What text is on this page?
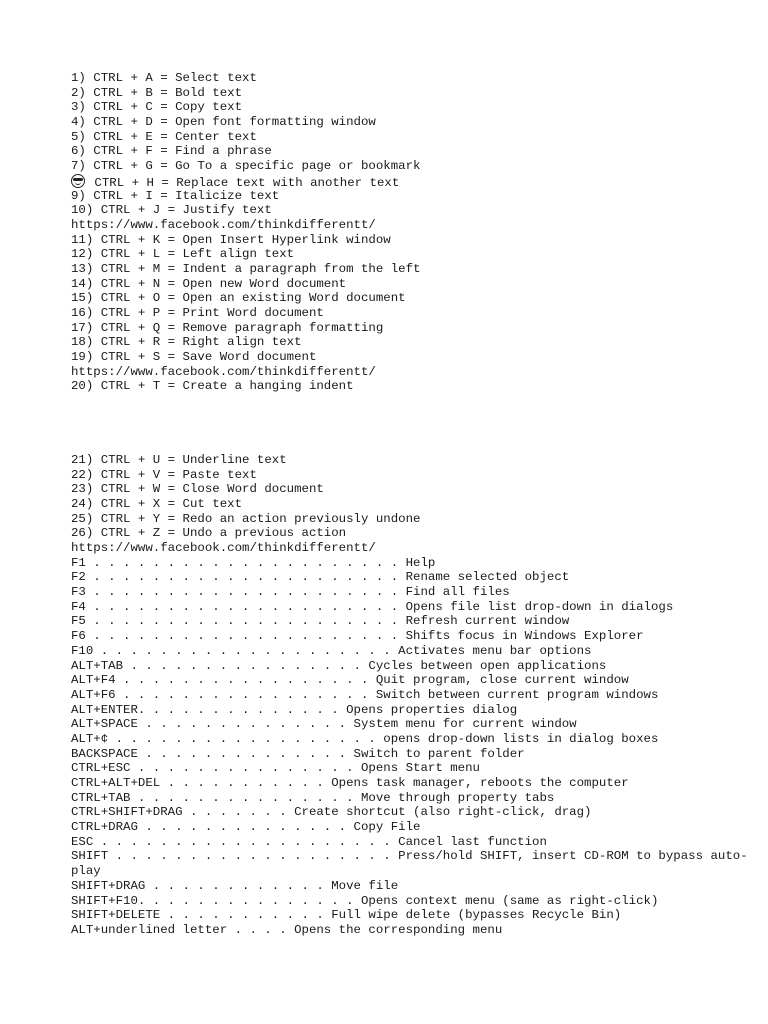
1) CTRL + A = Select text
2) CTRL + B = Bold text
3) CTRL + C = Copy text
4) CTRL + D = Open font formatting window
5) CTRL + E = Center text
6) CTRL + F = Find a phrase
7) CTRL + G = Go To a specific page or bookmark
CTRL + H = Replace text with another text
9) CTRL + I = Italicize text
10) CTRL + J = Justify text
https://www.facebook.com/thinkdifferentt/
11) CTRL + K = Open Insert Hyperlink window
12) CTRL + L = Left align text
13) CTRL + M = Indent a paragraph from the left
14) CTRL + N = Open new Word document
15) CTRL + O = Open an existing Word document
16) CTRL + P = Print Word document
17) CTRL + Q = Remove paragraph formatting
18) CTRL + R = Right align text
19) CTRL + S = Save Word document
https://www.facebook.com/thinkdifferentt/
20) CTRL + T = Create a hanging indent
21) CTRL + U = Underline text
22) CTRL + V = Paste text
23) CTRL + W = Close Word document
24) CTRL + X = Cut text
25) CTRL + Y = Redo an action previously undone
26) CTRL + Z = Undo a previous action
https://www.facebook.com/thinkdifferentt/
F1 . . . . . . . . . . . . . . . . . . . . . Help
F2 . . . . . . . . . . . . . . . . . . . . . Rename selected object
F3 . . . . . . . . . . . . . . . . . . . . . Find all files
F4 . . . . . . . . . . . . . . . . . . . . . Opens file list drop-down in dialogs
F5 . . . . . . . . . . . . . . . . . . . . . Refresh current window
F6 . . . . . . . . . . . . . . . . . . . . . Shifts focus in Windows Explorer
F10 . . . . . . . . . . . . . . . . . . . . Activates menu bar options
ALT+TAB . . . . . . . . . . . . . . . . Cycles between open applications
ALT+F4 . . . . . . . . . . . . . . . . . Quit program, close current window
ALT+F6 . . . . . . . . . . . . . . . . . Switch between current program windows
ALT+ENTER. . . . . . . . . . . . . . Opens properties dialog
ALT+SPACE . . . . . . . . . . . . . . System menu for current window
ALT+¢ . . . . . . . . . . . . . . . . . . opens drop-down lists in dialog boxes
BACKSPACE . . . . . . . . . . . . . . Switch to parent folder
CTRL+ESC . . . . . . . . . . . . . . . Opens Start menu
CTRL+ALT+DEL . . . . . . . . . . . Opens task manager, reboots the computer
CTRL+TAB . . . . . . . . . . . . . . . Move through property tabs
CTRL+SHIFT+DRAG . . . . . . . Create shortcut (also right-click, drag)
CTRL+DRAG . . . . . . . . . . . . . . Copy File
ESC . . . . . . . . . . . . . . . . . . . . Cancel last function
SHIFT . . . . . . . . . . . . . . . . . . . Press/hold SHIFT, insert CD-ROM to bypass auto-play
SHIFT+DRAG . . . . . . . . . . . . Move file
SHIFT+F10. . . . . . . . . . . . . . . Opens context menu (same as right-click)
SHIFT+DELETE . . . . . . . . . . . Full wipe delete (bypasses Recycle Bin)
ALT+underlined letter . . . . Opens the corresponding menu
